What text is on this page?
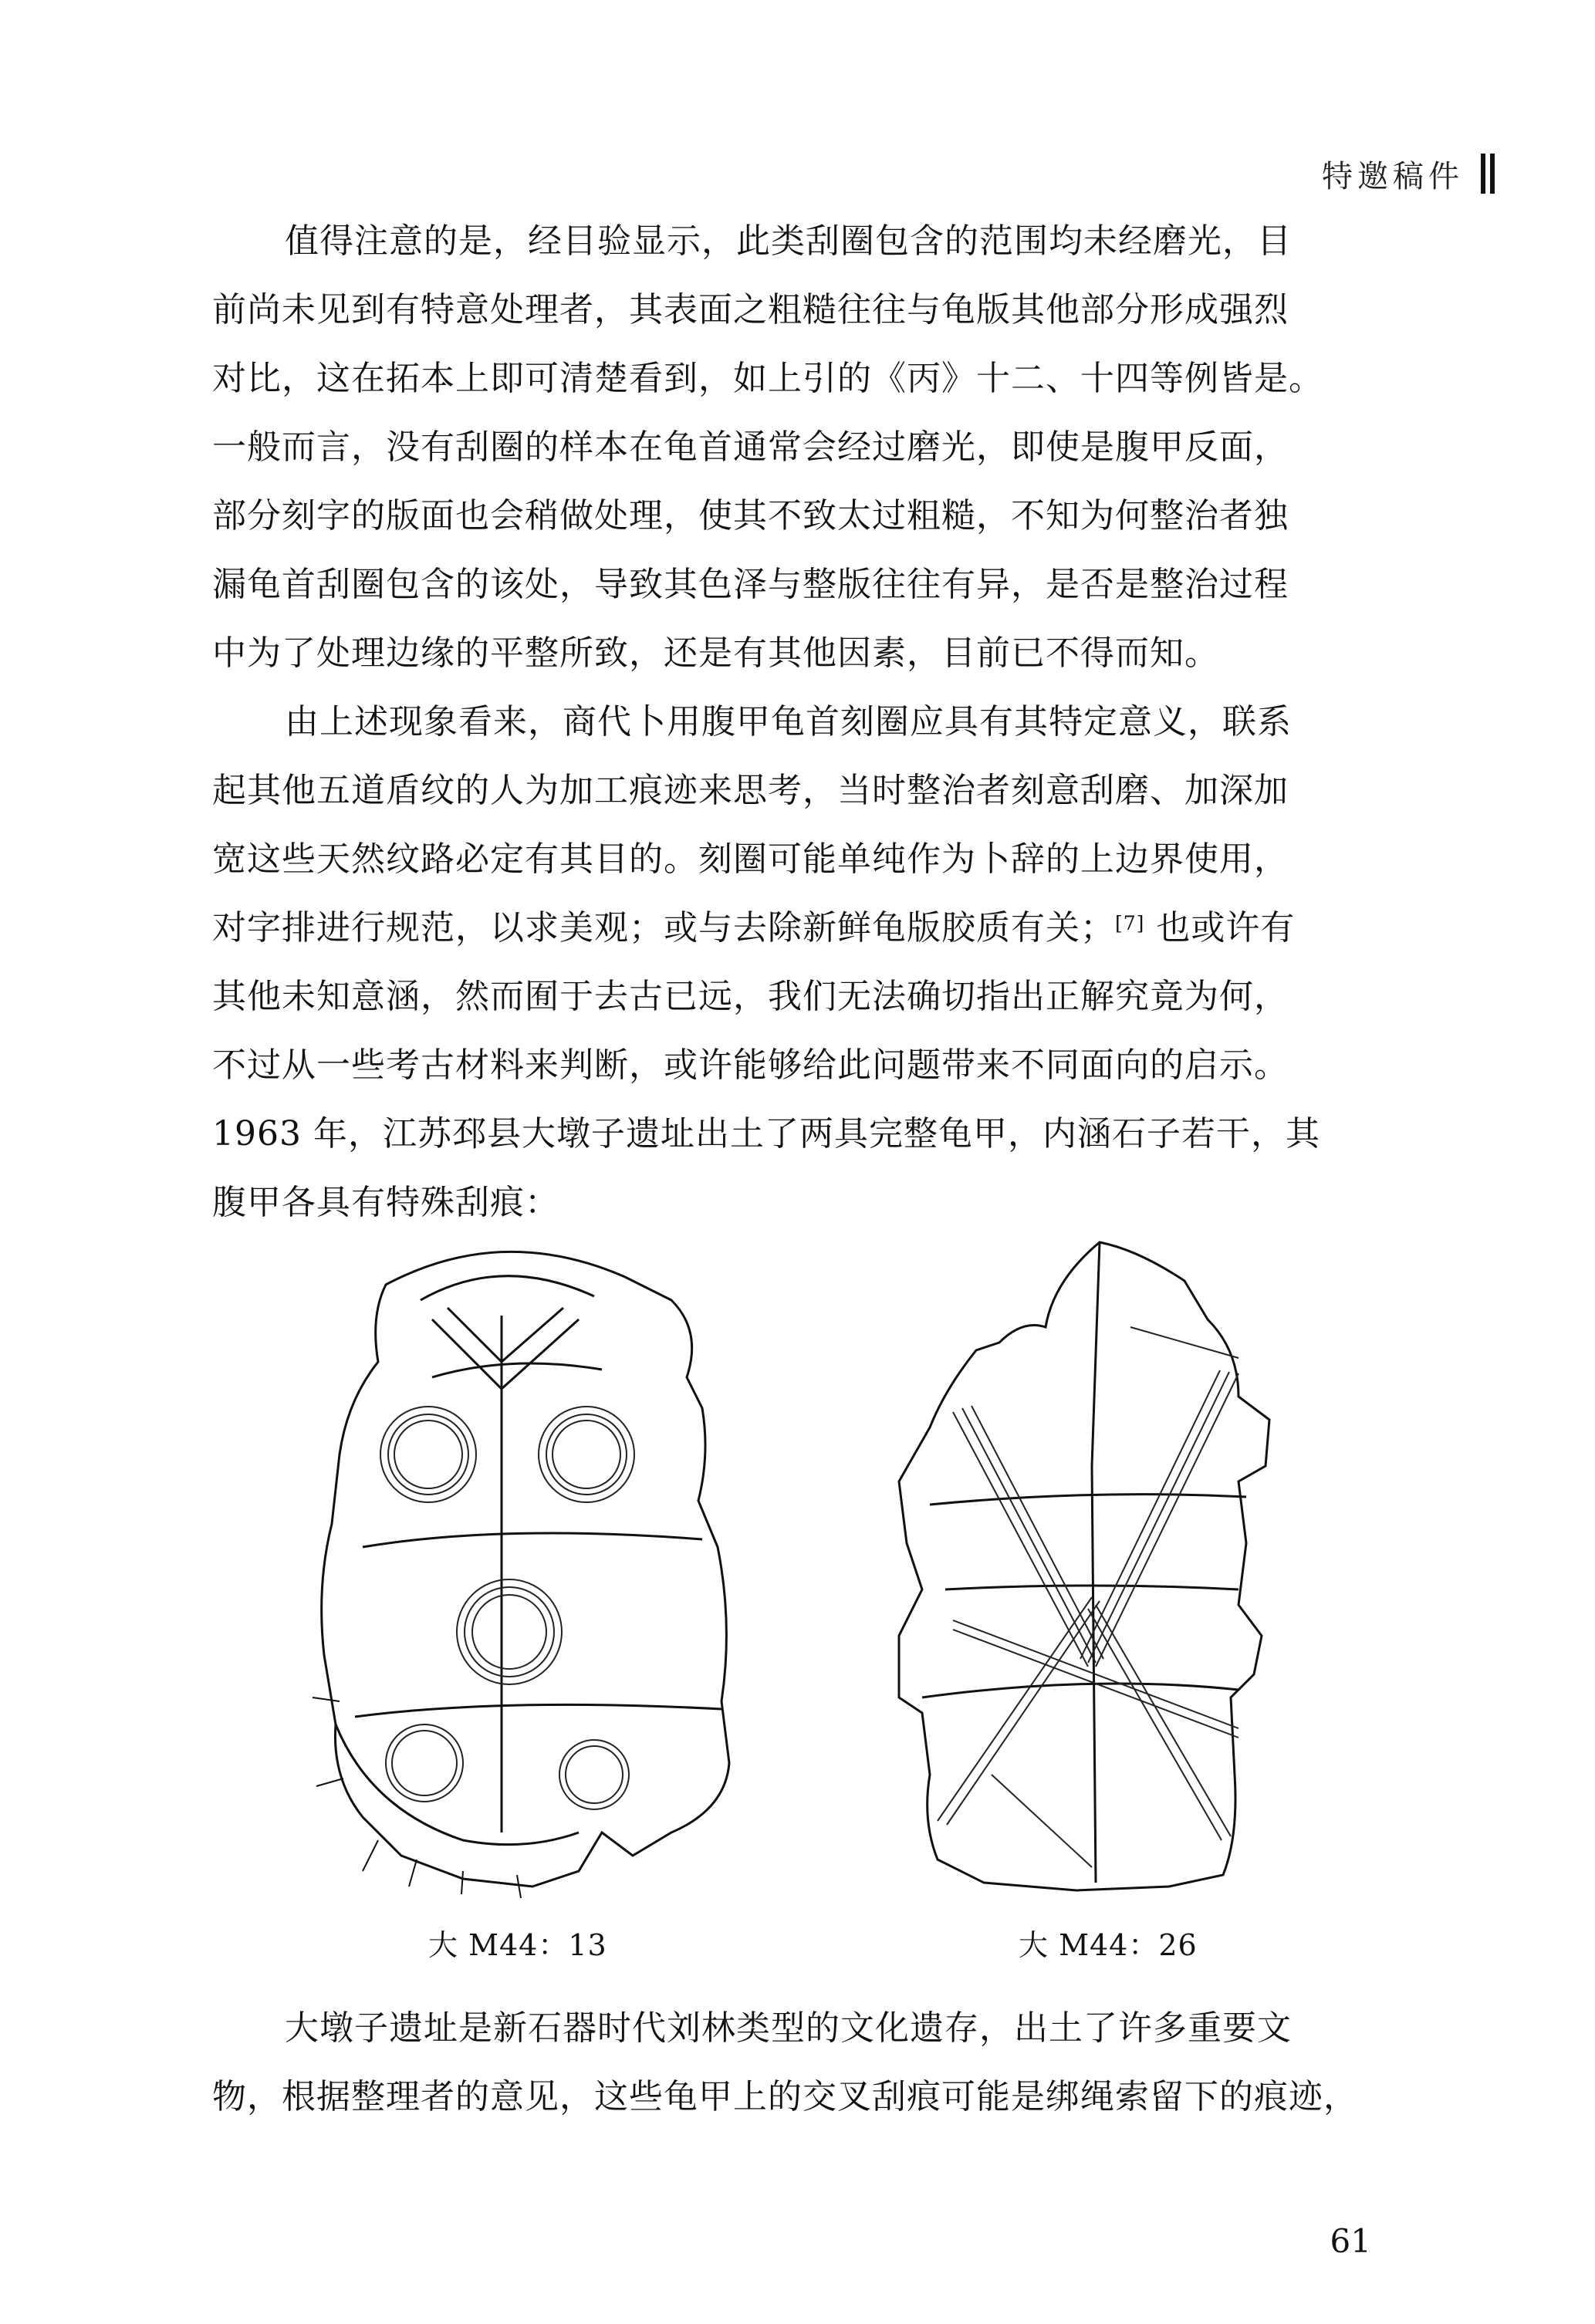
特邀稿件

值得注意的是，经目验显示，此类刮圈包含的范围均未经磨光，目
前尚未见到有特意处理者，其表面之粗糙往往与龟版其他部分形成强烈
对比，这在拓本上即可清楚看到，如上引的《丙》十二、十四等例皆是。
一般而言，没有刮圈的样本在龟首通常会经过磨光，即使是腹甲反面，
部分刻字的版面也会稍做处理，使其不致太过粗糙，不知为何整治者独
漏龟首刮圈包含的该处，导致其色泽与整版往往有异，是否是整治过程
中为了处理边缘的平整所致，还是有其他因素，目前已不得而知。

由上述现象看来，商代卜用腹甲龟首刻圈应具有其特定意义，联系
起其他五道盾纹的人为加工痕迹来思考，当时整治者刻意刮磨、加深加
宽这些天然纹路必定有其目的。刻圈可能单纯作为卜辞的上边界使用，
对字排进行规范，以求美观；或与去除新鲜龟版胶质有关；[7] 也或许有
其他未知意涵，然而囿于去古已远，我们无法确切指出正解究竟为何，
不过从一些考古材料来判断，或许能够给此问题带来不同面向的启示。
1963 年，江苏邳县大墩子遗址出土了两具完整龟甲，内涵石子若干，其
腹甲各具有特殊刮痕：

大 M44：13	大 M44：26

大墩子遗址是新石器时代刘林类型的文化遗存，出土了许多重要文
物，根据整理者的意见，这些龟甲上的交叉刮痕可能是绑绳索留下的痕迹，

61
